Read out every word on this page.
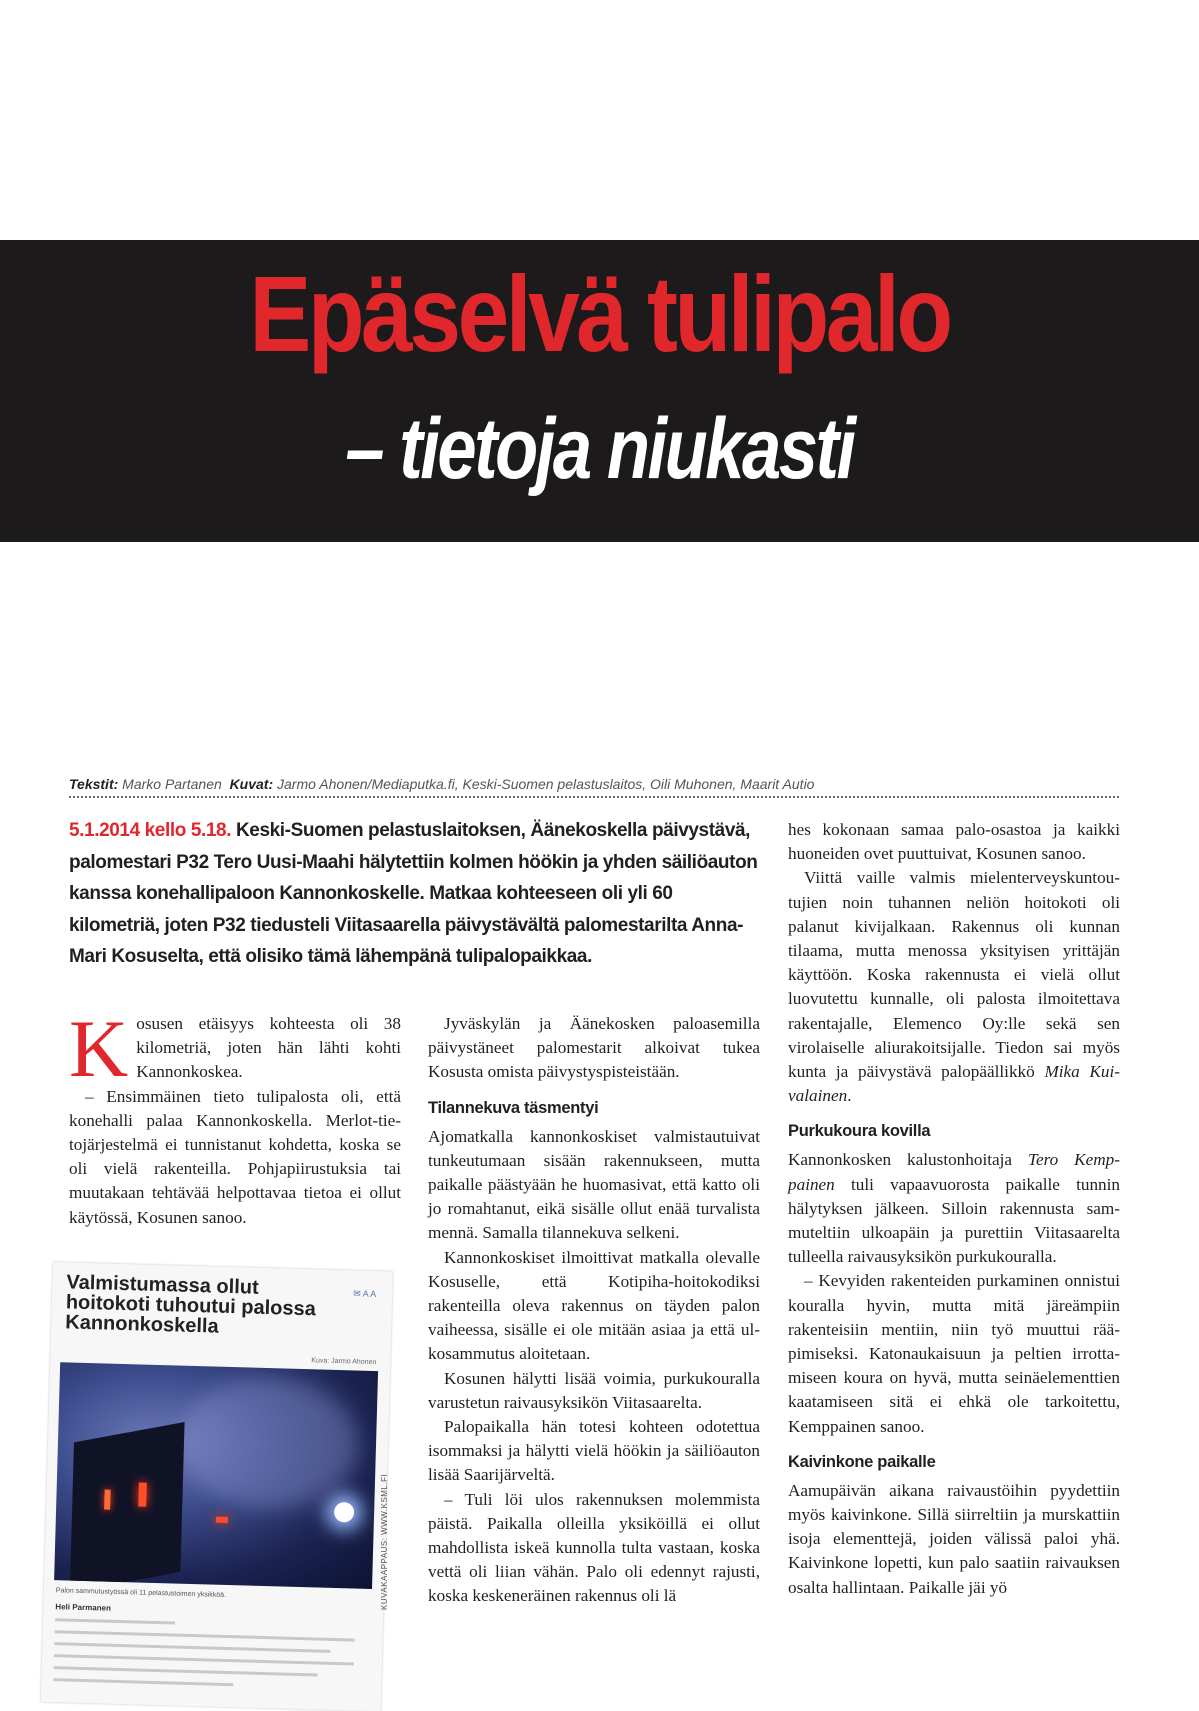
Epäselvä tulipalo
– tietoja niukasti
Tekstit: Marko Partanen Kuvat: Jarmo Ahonen/Mediaputka.fi, Keski-Suomen pelastuslaitos, Oili Muhonen, Maarit Autio
5.1.2014 kello 5.18. Keski-Suomen pelastuslaitoksen, Äänekoskella päivystävä, palomestari P32 Tero Uusi-Maahi hälytettiin kolmen höökin ja yhden säiliöauton kanssa konehallipaloon Kannonkoskelle. Matkaa kohteeseen oli yli 60 kilometriä, joten P32 tiedusteli Viitasaarella päivystävältä palomestarilta Anna-Mari Kosuselta, että olisiko tämä lähempänä tulipalopaikkaa.

K osusen etäisyys kohteesta oli 38 kilometriä, joten hän lähti kohti Kannonkoskea.

– Ensimmäinen tieto tulipalosta oli, että konehalli palaa Kannonkoskella. Merlot-tietojärjestelmä ei tunnistanut kohdetta, koska se oli vielä rakenteilla. Pohjapiirustuksia tai muutakaan tehtävää helpottavaa tietoa ei ollut käytössä, Kosunen sanoo.

Valmistumassa ollut hoitokoti tuhoutui palossa Kannonkoskella
✉ A A
Kuva: Jarmo Ahonen
Palon sammutustyössä oli 11 pelastustoimen yksikköä.
Heli Parmanen	KUVAKAAPPAUS: WWW.KSML.FI

Jyväskylän ja Äänekosken paloasemilla päivystäneet palomestarit alkoivat tukea Kosusta omista päivystyspisteistään.

Tilannekuva täsmentyi

Ajomatkalla kannonkoskiset valmistautuivat tunkeutumaan sisään rakennukseen, mutta paikalle päästyään he huomasivat, että katto oli jo romahtanut, eikä sisälle ollut enää turvalista mennä. Samalla tilannekuva selkeni.

Kannonkoskiset ilmoittivat matkalla olevalle Kosuselle, että Kotipiha-hoitokodiksi rakenteilla oleva rakennus on täyden palon vaiheessa, sisälle ei ole mitään asiaa ja että ulkosammutus aloitetaan.

Kosunen hälytti lisää voimia, purkukouralla varustetun raivausyksikön Viitasaarelta.

Palopaikalla hän totesi kohteen odotettua isommaksi ja hälytti vielä höökin ja säiliöauton lisää Saarijärveltä.

– Tuli löi ulos rakennuksen molemmista päistä. Paikalla olleilla yksiköillä ei ollut mahdollista iskeä kunnolla tulta vastaan, koska vettä oli liian vähän. Palo oli edennyt rajusti, koska keskeneräinen rakennus oli lä

hes kokonaan samaa palo-osastoa ja kaikki huoneiden ovet puuttuivat, Kosunen sanoo.

Viittä vaille valmis mielenterveyskuntoutujien noin tuhannen neliön hoitokoti oli palanut kivijalkaan. Rakennus oli kunnan tilaama, mutta menossa yksityisen yrittäjän käyttöön. Koska rakennusta ei vielä ollut luovutettu kunnalle, oli palosta ilmoitettava rakentajalle, Elemenco Oy:lle sekä sen virolaiselle aliurakoitsijalle. Tiedon sai myös kunta ja päivystävä palopäällikkö Mika Kuivalainen.

Purkukoura kovilla

Kannonkosken kalustonhoitaja Tero Kemppainen tuli vapaavuorosta paikalle tunnin hälytyksen jälkeen. Silloin rakennusta sammuteltiin ulkoapäin ja purettiin Viitasaarelta tulleella raivausyksikön purkukouralla.

– Kevyiden rakenteiden purkaminen onnistui kouralla hyvin, mutta mitä järeämpiin rakenteisiin mentiin, niin työ muuttui rääpimiseksi. Katonaukaisuun ja peltien irrottamiseen koura on hyvä, mutta seinäelementtien kaatamiseen sitä ei ehkä ole tarkoitettu, Kemppainen sanoo.

Kaivinkone paikalle

Aamupäivän aikana raivaustöihin pyydettiin myös kaivinkone. Sillä siirreltiin ja murskattiin isoja elementtejä, joiden välissä paloi yhä. Kaivinkone lopetti, kun palo saatiin raivauksen osalta hallintaan. Paikalle jäi yö
